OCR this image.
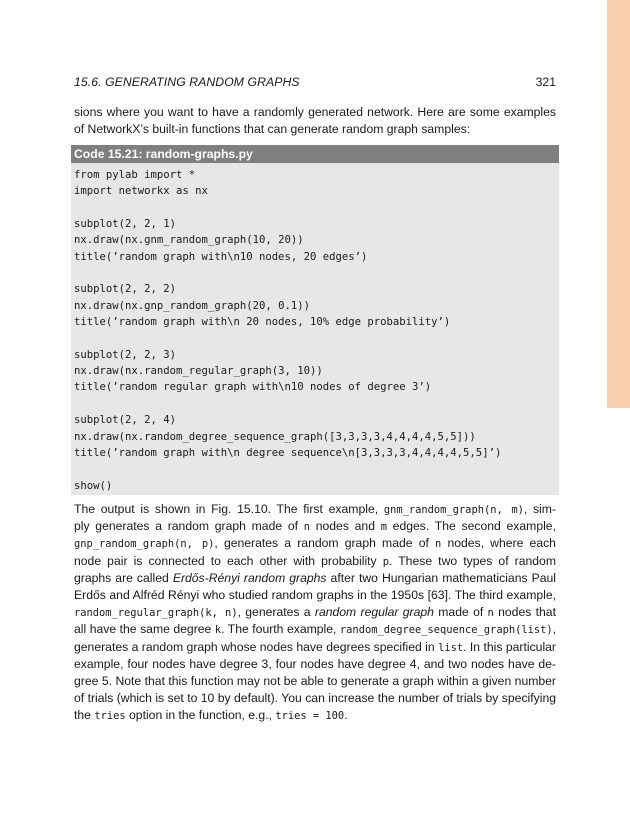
15.6. GENERATING RANDOM GRAPHS	321
sions where you want to have a randomly generated network. Here are some examples
of NetworkX’s built-in functions that can generate random graph samples:
Code 15.21: random-graphs.py
from pylab import *
import networkx as nx
subplot(2, 2, 1)
nx.draw(nx.gnm_random_graph(10, 20))
title(’random graph with\n10 nodes, 20 edges’)
subplot(2, 2, 2)
nx.draw(nx.gnp_random_graph(20, 0.1))
title(’random graph with\n 20 nodes, 10% edge probability’)
subplot(2, 2, 3)
nx.draw(nx.random_regular_graph(3, 10))
title(’random regular graph with\n10 nodes of degree 3’)
subplot(2, 2, 4)
nx.draw(nx.random_degree_sequence_graph([3,3,3,3,4,4,4,4,5,5]))
title(’random graph with\n degree sequence\n[3,3,3,3,4,4,4,4,5,5]’)
show()
The output is shown in Fig. 15.10. The first example, gnm_random_graph(n, m), sim-
ply generates a random graph made of n nodes and m edges. The second example,
gnp_random_graph(n, p), generates a random graph made of n nodes, where each
node pair is connected to each other with probability p. These two types of random
graphs are called Erdős-Rényi random graphs after two Hungarian mathematicians Paul
Erdős and Alfréd Rényi who studied random graphs in the 1950s [63]. The third example,
random_regular_graph(k, n), generates a random regular graph made of n nodes that
all have the same degree k. The fourth example, random_degree_sequence_graph(list),
generates a random graph whose nodes have degrees specified in list. In this particular
example, four nodes have degree 3, four nodes have degree 4, and two nodes have de-
gree 5. Note that this function may not be able to generate a graph within a given number
of trials (which is set to 10 by default). You can increase the number of trials by specifying
the tries option in the function, e.g., tries = 100.
